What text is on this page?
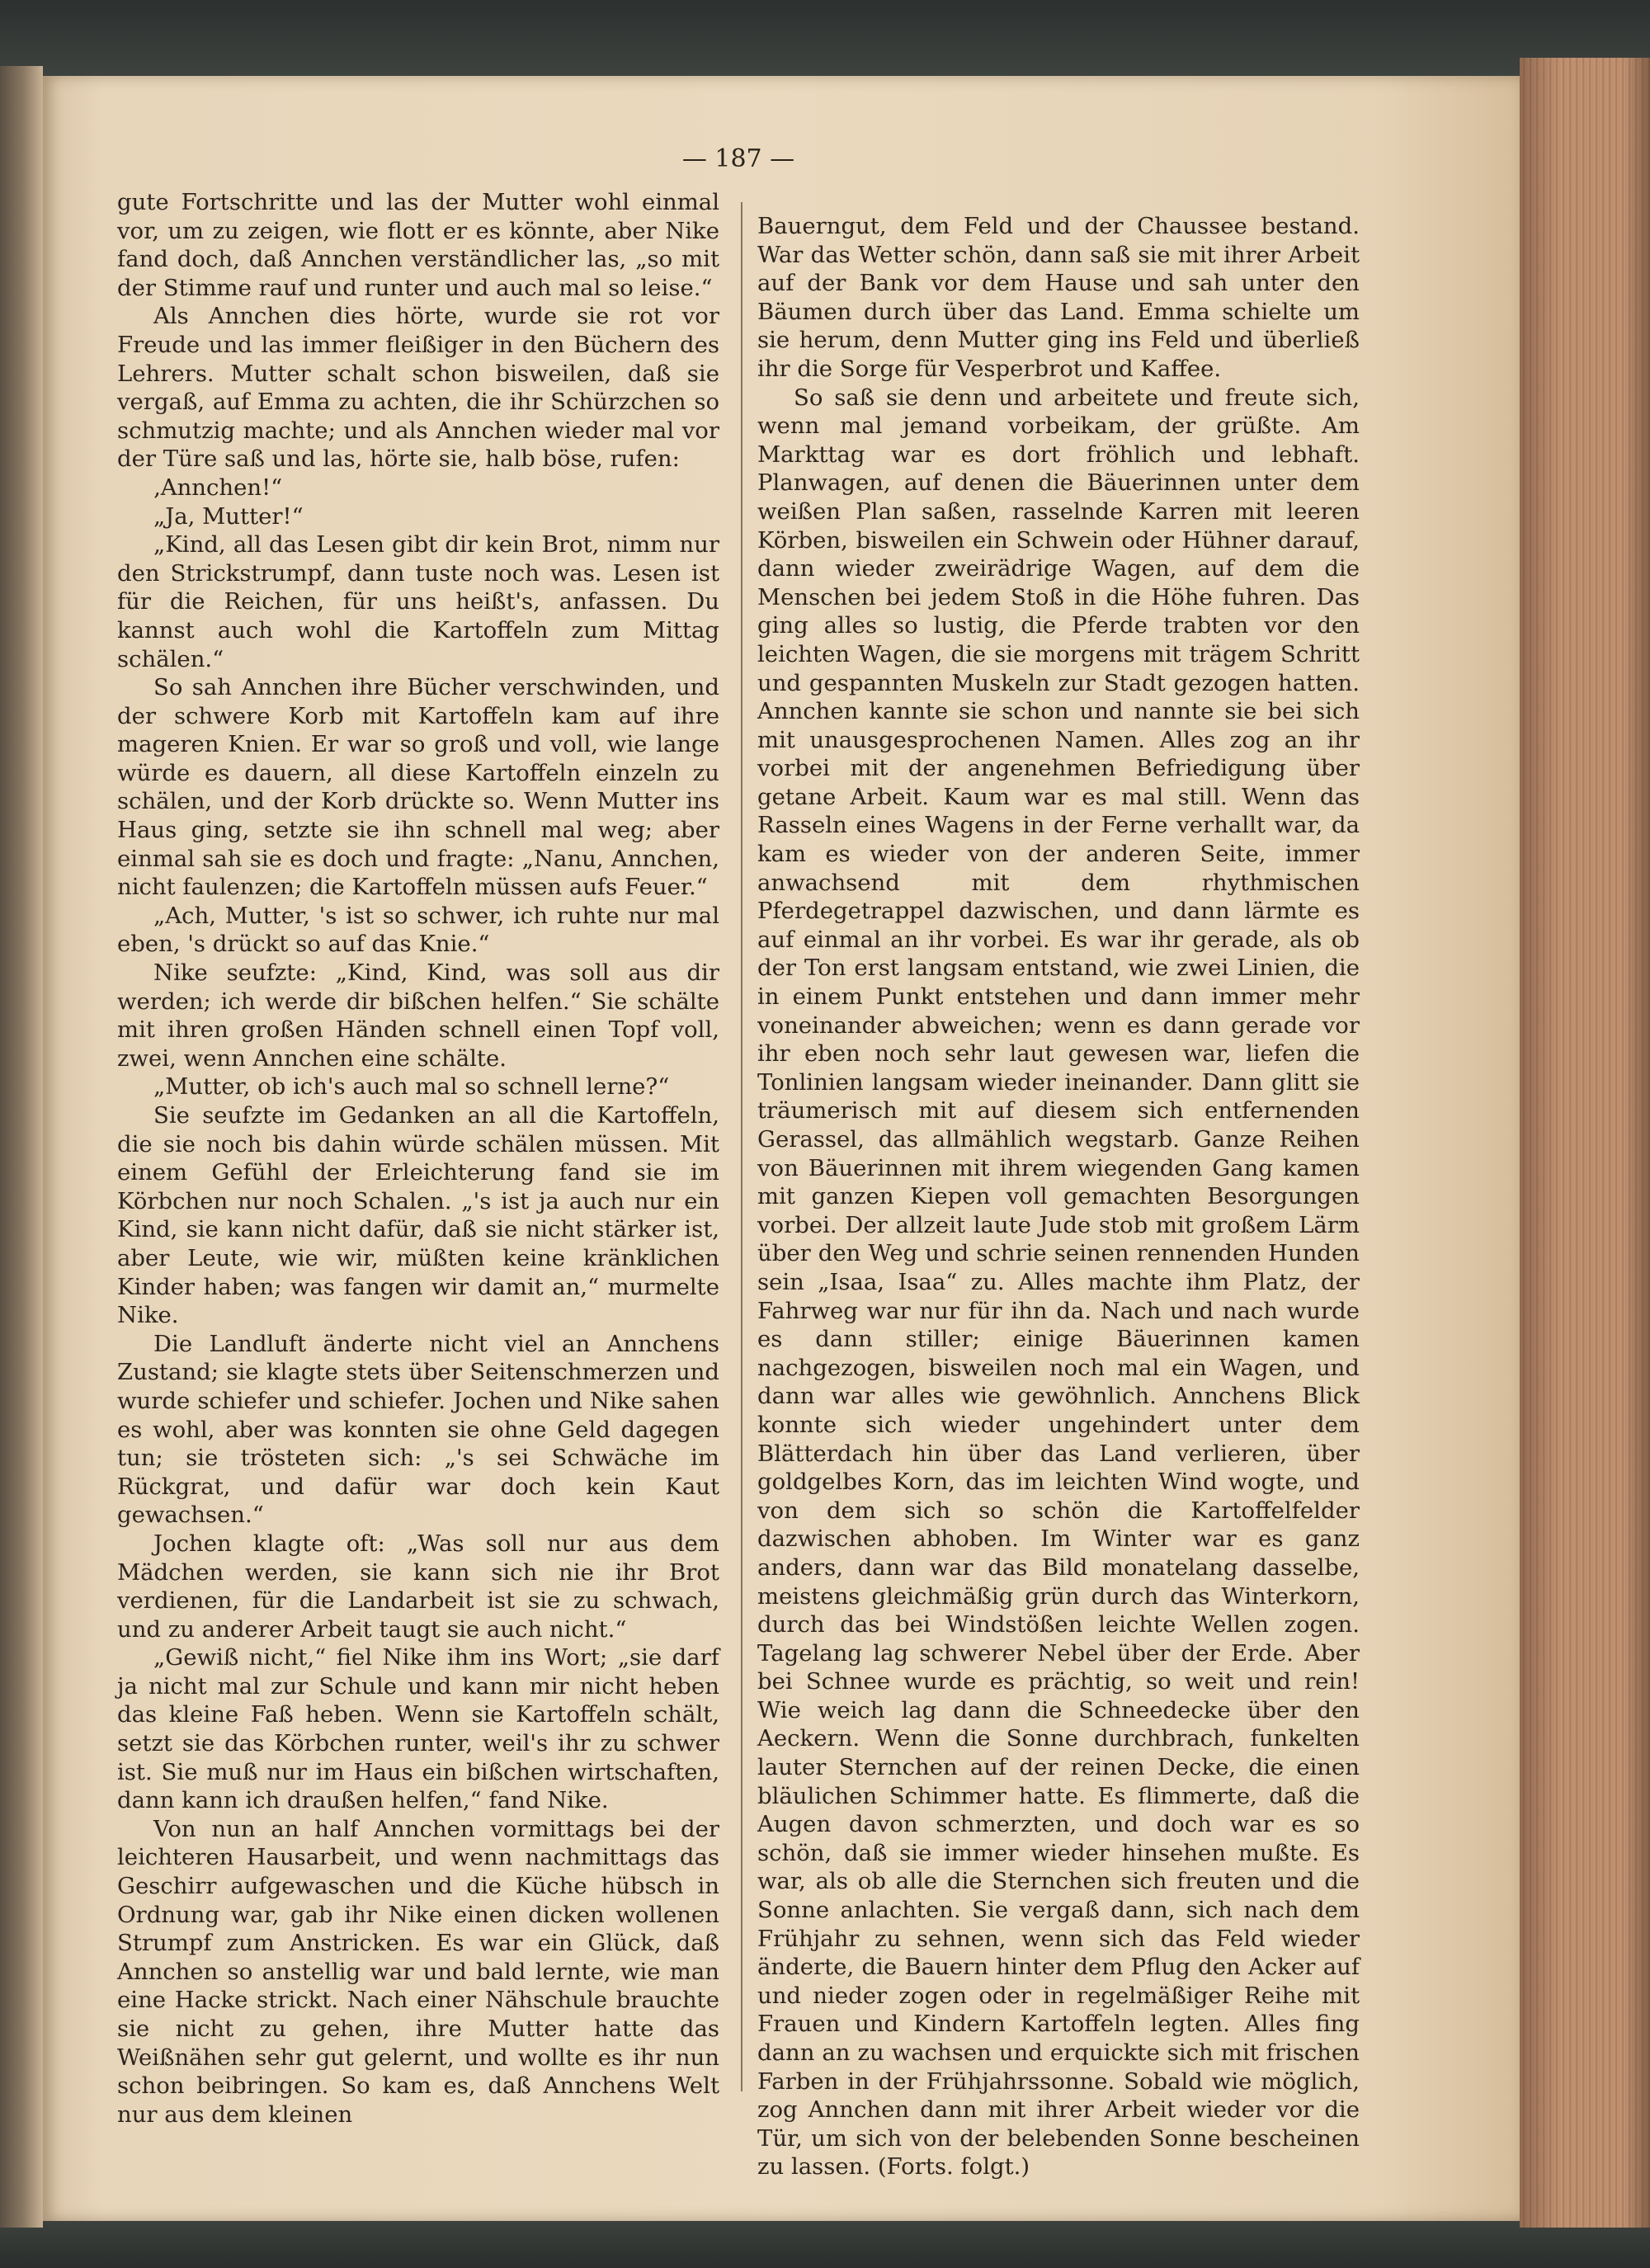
— 187 —

gute Fortschritte und las der Mutter wohl einmal vor, um zu zeigen, wie flott er es könnte, aber Nike fand doch, daß Annchen verständlicher las, „so mit der Stimme rauf und runter und auch mal so leise.“

Als Annchen dies hörte, wurde sie rot vor Freude und las immer fleißiger in den Büchern des Lehrers. Mutter schalt schon bisweilen, daß sie vergaß, auf Emma zu achten, die ihr Schürzchen so schmutzig machte; und als Annchen wieder mal vor der Türe saß und las, hörte sie, halb böse, rufen:

‚Annchen!“

„Ja, Mutter!“

„Kind, all das Lesen gibt dir kein Brot, nimm nur den Strickstrumpf, dann tuste noch was. Lesen ist für die Reichen, für uns heißt's, anfassen. Du kannst auch wohl die Kartoffeln zum Mittag schälen.“

So sah Annchen ihre Bücher verschwinden, und der schwere Korb mit Kartoffeln kam auf ihre mageren Knien. Er war so groß und voll, wie lange würde es dauern, all diese Kartoffeln einzeln zu schälen, und der Korb drückte so. Wenn Mutter ins Haus ging, setzte sie ihn schnell mal weg; aber einmal sah sie es doch und fragte: „Nanu, Annchen, nicht faulenzen; die Kartoffeln müssen aufs Feuer.“

„Ach, Mutter, 's ist so schwer, ich ruhte nur mal eben, 's drückt so auf das Knie.“

Nike seufzte: „Kind, Kind, was soll aus dir werden; ich werde dir bißchen helfen.“ Sie schälte mit ihren großen Händen schnell einen Topf voll, zwei, wenn Annchen eine schälte.

„Mutter, ob ich's auch mal so schnell lerne?“

Sie seufzte im Gedanken an all die Kartoffeln, die sie noch bis dahin würde schälen müssen. Mit einem Gefühl der Erleichterung fand sie im Körbchen nur noch Schalen. „'s ist ja auch nur ein Kind, sie kann nicht dafür, daß sie nicht stärker ist, aber Leute, wie wir, müßten keine kränklichen Kinder haben; was fangen wir damit an,“ murmelte Nike.

Die Landluft änderte nicht viel an Annchens Zustand; sie klagte stets über Seitenschmerzen und wurde schiefer und schiefer. Jochen und Nike sahen es wohl, aber was konnten sie ohne Geld dagegen tun; sie trösteten sich: „'s sei Schwäche im Rückgrat, und dafür war doch kein Kaut gewachsen.“

Jochen klagte oft: „Was soll nur aus dem Mädchen werden, sie kann sich nie ihr Brot verdienen, für die Landarbeit ist sie zu schwach, und zu anderer Arbeit taugt sie auch nicht.“

„Gewiß nicht,“ fiel Nike ihm ins Wort; „sie darf ja nicht mal zur Schule und kann mir nicht heben das kleine Faß heben. Wenn sie Kartoffeln schält, setzt sie das Körbchen runter, weil's ihr zu schwer ist. Sie muß nur im Haus ein bißchen wirtschaften, dann kann ich draußen helfen,“ fand Nike.

Von nun an half Annchen vormittags bei der leichteren Hausarbeit, und wenn nachmittags das Geschirr aufgewaschen und die Küche hübsch in Ordnung war, gab ihr Nike einen dicken wollenen Strumpf zum Anstricken. Es war ein Glück, daß Annchen so anstellig war und bald lernte, wie man eine Hacke strickt. Nach einer Nähschule brauchte sie nicht zu gehen, ihre Mutter hatte das Weißnähen sehr gut gelernt, und wollte es ihr nun schon beibringen. So kam es, daß Annchens Welt nur aus dem kleinen

Bauerngut, dem Feld und der Chaussee bestand. War das Wetter schön, dann saß sie mit ihrer Arbeit auf der Bank vor dem Hause und sah unter den Bäumen durch über das Land. Emma schielte um sie herum, denn Mutter ging ins Feld und überließ ihr die Sorge für Vesperbrot und Kaffee.

So saß sie denn und arbeitete und freute sich, wenn mal jemand vorbeikam, der grüßte. Am Markttag war es dort fröhlich und lebhaft. Planwagen, auf denen die Bäuerinnen unter dem weißen Plan saßen, rasselnde Karren mit leeren Körben, bisweilen ein Schwein oder Hühner darauf, dann wieder zweirädrige Wagen, auf dem die Menschen bei jedem Stoß in die Höhe fuhren. Das ging alles so lustig, die Pferde trabten vor den leichten Wagen, die sie morgens mit trägem Schritt und gespannten Muskeln zur Stadt gezogen hatten. Annchen kannte sie schon und nannte sie bei sich mit unausgesprochenen Namen. Alles zog an ihr vorbei mit der angenehmen Befriedigung über getane Arbeit. Kaum war es mal still. Wenn das Rasseln eines Wagens in der Ferne verhallt war, da kam es wieder von der anderen Seite, immer anwachsend mit dem rhythmischen Pferdegetrappel dazwischen, und dann lärmte es auf einmal an ihr vorbei. Es war ihr gerade, als ob der Ton erst langsam entstand, wie zwei Linien, die in einem Punkt entstehen und dann immer mehr voneinander abweichen; wenn es dann gerade vor ihr eben noch sehr laut gewesen war, liefen die Tonlinien langsam wieder ineinander. Dann glitt sie träumerisch mit auf diesem sich entfernenden Gerassel, das allmählich wegstarb. Ganze Reihen von Bäuerinnen mit ihrem wiegenden Gang kamen mit ganzen Kiepen voll gemachten Besorgungen vorbei. Der allzeit laute Jude stob mit großem Lärm über den Weg und schrie seinen rennenden Hunden sein „Isaa, Isaa“ zu. Alles machte ihm Platz, der Fahrweg war nur für ihn da. Nach und nach wurde es dann stiller; einige Bäuerinnen kamen nachgezogen, bisweilen noch mal ein Wagen, und dann war alles wie gewöhnlich. Annchens Blick konnte sich wieder ungehindert unter dem Blätterdach hin über das Land verlieren, über goldgelbes Korn, das im leichten Wind wogte, und von dem sich so schön die Kartoffelfelder dazwischen abhoben. Im Winter war es ganz anders, dann war das Bild monatelang dasselbe, meistens gleichmäßig grün durch das Winterkorn, durch das bei Windstößen leichte Wellen zogen. Tagelang lag schwerer Nebel über der Erde. Aber bei Schnee wurde es prächtig, so weit und rein! Wie weich lag dann die Schneedecke über den Aeckern. Wenn die Sonne durchbrach, funkelten lauter Sternchen auf der reinen Decke, die einen bläulichen Schimmer hatte. Es flimmerte, daß die Augen davon schmerzten, und doch war es so schön, daß sie immer wieder hinsehen mußte. Es war, als ob alle die Sternchen sich freuten und die Sonne anlachten. Sie vergaß dann, sich nach dem Frühjahr zu sehnen, wenn sich das Feld wieder änderte, die Bauern hinter dem Pflug den Acker auf und nieder zogen oder in regelmäßiger Reihe mit Frauen und Kindern Kartoffeln legten. Alles fing dann an zu wachsen und erquickte sich mit frischen Farben in der Frühjahrssonne. Sobald wie möglich, zog Annchen dann mit ihrer Arbeit wieder vor die Tür, um sich von der belebenden Sonne bescheinen zu lassen. (Forts. folgt.)
